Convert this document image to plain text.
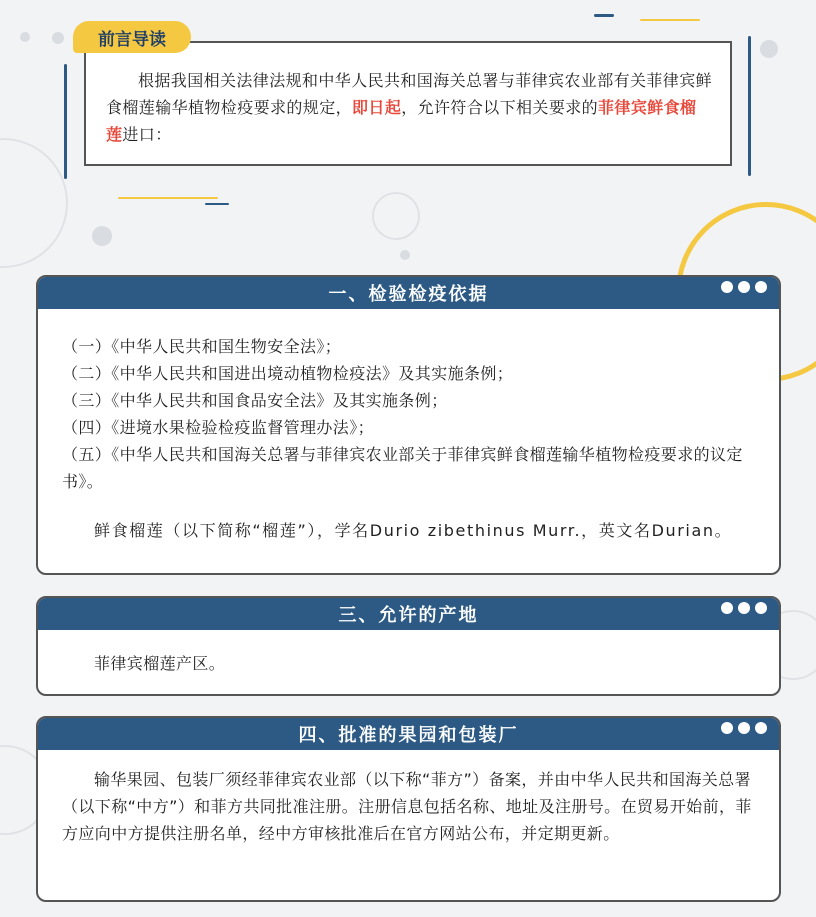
前言导读

根据我国相关法律法规和中华人民共和国海关总署与菲律宾农业部有关菲律宾鲜食榴莲输华植物检疫要求的规定，即日起，允许符合以下相关要求的菲律宾鲜食榴莲进口：

一、检验检疫依据

（一）《中华人民共和国生物安全法》；

（二）《中华人民共和国进出境动植物检疫法》及其实施条例；

（三）《中华人民共和国食品安全法》及其实施条例；

（四）《进境水果检验检疫监督管理办法》；

（五）《中华人民共和国海关总署与菲律宾农业部关于菲律宾鲜食榴莲输华植物检疫要求的议定书》。

鲜食榴莲（以下简称“榴莲”），学名Durio zibethinus Murr.，英文名Durian。

三、允许的产地

菲律宾榴莲产区。

四、批准的果园和包装厂

输华果园、包装厂须经菲律宾农业部（以下称“菲方”）备案，并由中华人民共和国海关总署（以下称“中方”）和菲方共同批准注册。注册信息包括名称、地址及注册号。在贸易开始前，菲方应向中方提供注册名单，经中方审核批准后在官方网站公布，并定期更新。
